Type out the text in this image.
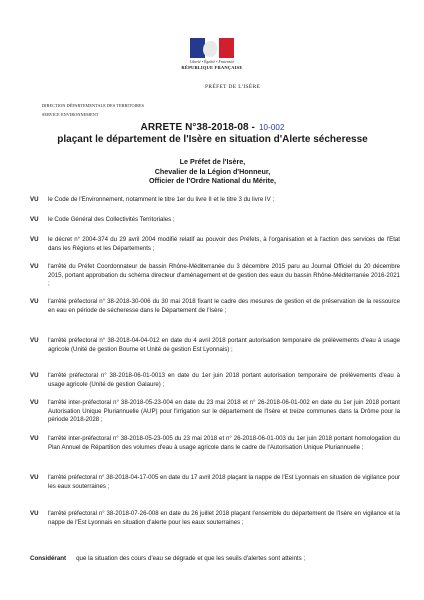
Liberté • Égalité • Fraternité
RÉPUBLIQUE FRANÇAISE
PRÉFET DE L'ISÈRE
DIRECTION DÉPARTEMENTALE DES TERRITOIRES
SERVICE ENVIRONNEMENT
ARRETE N°38-2018-08 - 10-002
plaçant le département de l'Isère en situation d'Alerte sécheresse
Le Préfet de l'Isère,
Chevalier de la Légion d'Honneur,
Officier de l'Ordre National du Mérite,
VU le Code de l'Environnement, notamment le titre 1er du livre II et le titre 3 du livre IV ;
VU le Code Général des Collectivités Territoriales ;
VU le décret n° 2004-374 du 29 avril 2004 modifié relatif au pouvoir des Préfets, à l'organisation et à l'action des services de l'Etat dans les Régions et les Départements ;
VU l'arrêté du Préfet Coordonnateur de bassin Rhône-Méditerranée du 3 décembre 2015 paru au Journal Officiel du 20 décembre 2015, portant approbation du schéma directeur d'aménagement et de gestion des eaux du bassin Rhône-Méditerranée 2016-2021 ;
VU l'arrêté préfectoral n° 38-2018-30-006 du 30 mai 2018 fixant le cadre des mesures de gestion et de préservation de la ressource en eau en période de sécheresse dans le Département de l'Isère ;
VU l'arrêté préfectoral n° 38-2018-04-04-012 en date du 4 avril 2018 portant autorisation temporaire de prélèvements d'eau à usage agricole (Unité de gestion Bourne et Unité de gestion Est Lyonnais) ;
VU l'arrêté préfectoral n° 38-2018-06-01-0013 en date du 1er juin 2018 portant autorisation temporaire de prélèvements d'eau à usage agricole (Unité de gestion Galaure) ;
VU l'arrêté inter-préfectoral n° 38-2018-05-23-004 en date du 23 mai 2018 et n° 26-2018-06-01-002 en date du 1er juin 2018 portant Autorisation Unique Pluriannuelle (AUP) pour l'irrigation sur le département de l'Isère et treize communes dans la Drôme pour la période 2018-2028 ;
VU l'arrêté inter-préfectoral n° 38-2018-05-23-005 du 23 mai 2018 et n° 26-2018-06-01-003 du 1er juin 2018 portant homologation du Plan Annuel de Répartition des volumes d'eau à usage agricole dans le cadre de l'Autorisation Unique Pluriannuelle ;
VU l'arrêté préfectoral n° 38-2018-04-17-005 en date du 17 avril 2018 plaçant la nappe de l'Est Lyonnais en situation de vigilance pour les eaux souterraines ;
VU l'arrêté préfectoral n° 38-2018-07-26-008 en date du 26 juillet 2018 plaçant l'ensemble du département de l'Isère en vigilance et la nappe de l'Est Lyonnais en situation d'alerte pour les eaux souterraines ;
Considérant que la situation des cours d'eau se dégrade et que les seuils d'alertes sont atteints ;
